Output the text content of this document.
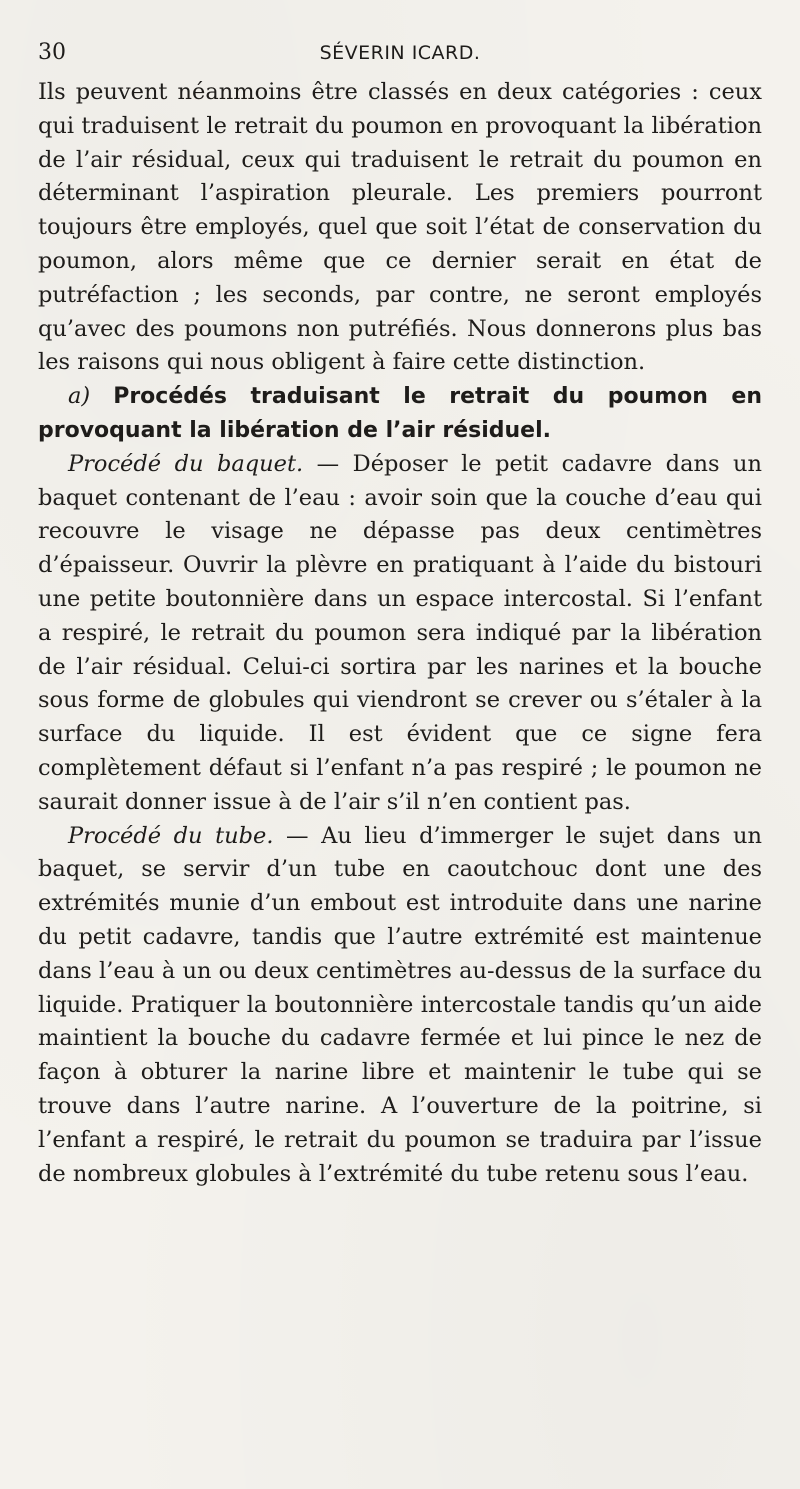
30	SÉVERIN ICARD.

Ils peuvent néanmoins être classés en deux catégories : ceux qui traduisent le retrait du poumon en provoquant la libération de l’air résidual, ceux qui traduisent le retrait du poumon en déterminant l’aspiration pleurale. Les premiers pourront toujours être employés, quel que soit l’état de conservation du poumon, alors même que ce dernier serait en état de putréfaction ; les seconds, par contre, ne seront employés qu’avec des poumons non putréfiés. Nous donnerons plus bas les raisons qui nous obligent à faire cette distinction.

a) Procédés traduisant le retrait du poumon en provoquant la libération de l’air résiduel.

Procédé du baquet. — Déposer le petit cadavre dans un baquet contenant de l’eau : avoir soin que la couche d’eau qui recouvre le visage ne dépasse pas deux centimètres d’épaisseur. Ouvrir la plèvre en pratiquant à l’aide du bistouri une petite boutonnière dans un espace intercostal. Si l’enfant a respiré, le retrait du poumon sera indiqué par la libération de l’air résidual. Celui-ci sortira par les narines et la bouche sous forme de globules qui viendront se crever ou s’étaler à la surface du liquide. Il est évident que ce signe fera complètement défaut si l’enfant n’a pas respiré ; le poumon ne saurait donner issue à de l’air s’il n’en contient pas.

Procédé du tube. — Au lieu d’immerger le sujet dans un baquet, se servir d’un tube en caoutchouc dont une des extrémités munie d’un embout est introduite dans une narine du petit cadavre, tandis que l’autre extrémité est maintenue dans l’eau à un ou deux centimètres au-dessus de la surface du liquide. Pratiquer la boutonnière intercostale tandis qu’un aide maintient la bouche du cadavre fermée et lui pince le nez de façon à obturer la narine libre et maintenir le tube qui se trouve dans l’autre narine. A l’ouverture de la poitrine, si l’enfant a respiré, le retrait du poumon se traduira par l’issue de nombreux globules à l’extrémité du tube retenu sous l’eau.
